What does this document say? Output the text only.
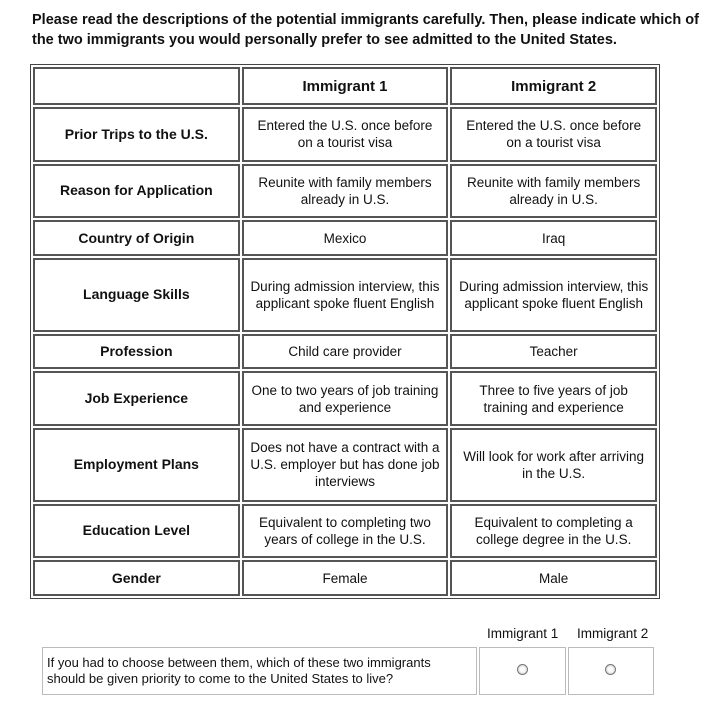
Please read the descriptions of the potential immigrants carefully. Then, please indicate which of the two immigrants you would personally prefer to see admitted to the United States.
	Immigrant 1	Immigrant 2
Prior Trips to the U.S.	Entered the U.S. once before on a tourist visa	Entered the U.S. once before on a tourist visa
Reason for Application	Reunite with family members already in U.S.	Reunite with family members already in U.S.
Country of Origin	Mexico	Iraq
Language Skills	During admission interview, this applicant spoke fluent English	During admission interview, this applicant spoke fluent English
Profession	Child care provider	Teacher
Job Experience	One to two years of job training and experience	Three to five years of job training and experience
Employment Plans	Does not have a contract with a U.S. employer but has done job interviews	Will look for work after arriving in the U.S.
Education Level	Equivalent to completing two years of college in the U.S.	Equivalent to completing a college degree in the U.S.
Gender	Female	Male
Immigrant 1 Immigrant 2
If you had to choose between them, which of these two immigrants should be given priority to come to the United States to live?		
